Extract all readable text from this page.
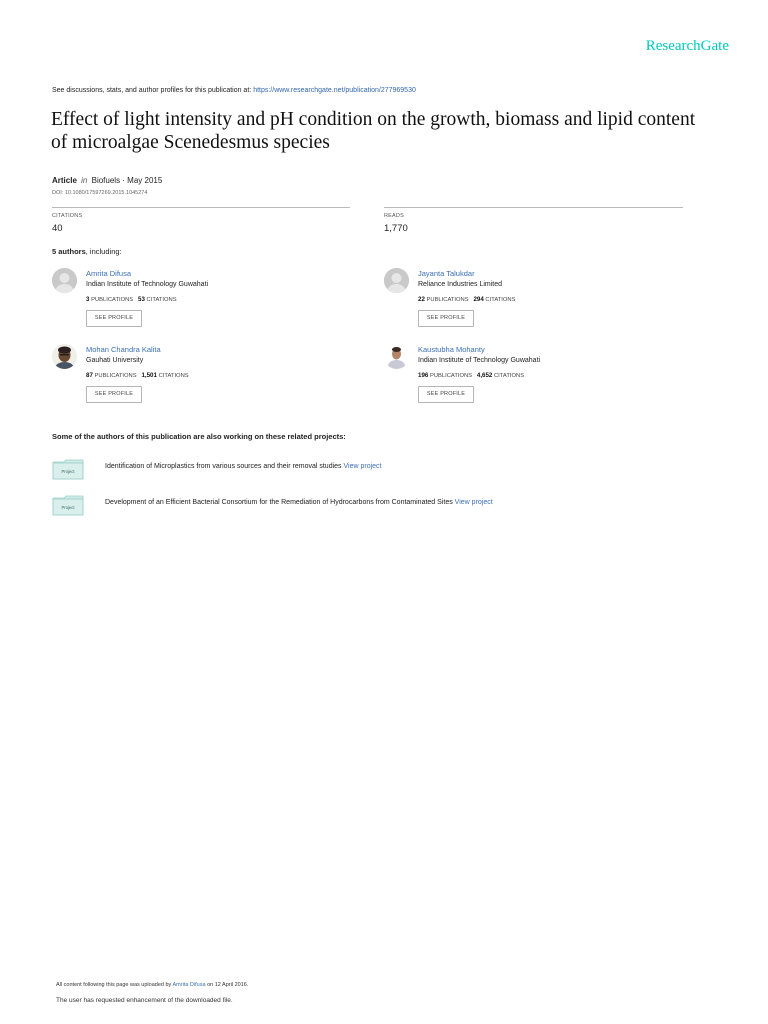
ResearchGate
See discussions, stats, and author profiles for this publication at: https://www.researchgate.net/publication/277969530
Effect of light intensity and pH condition on the growth, biomass and lipid content of microalgae Scenedesmus species
Article in Biofuels · May 2015
DOI: 10.1080/17597269.2015.1045274
CITATIONS
40
READS
1,770
5 authors, including:
Amrita Difusa
Indian Institute of Technology Guwahati
3 PUBLICATIONS 53 CITATIONS
SEE PROFILE
Jayanta Talukdar
Reliance Industries Limited
22 PUBLICATIONS 294 CITATIONS
SEE PROFILE
Mohan Chandra Kalita
Gauhati University
87 PUBLICATIONS 1,501 CITATIONS
SEE PROFILE
Kaustubha Mohanty
Indian Institute of Technology Guwahati
196 PUBLICATIONS 4,652 CITATIONS
SEE PROFILE
Some of the authors of this publication are also working on these related projects:
Project
Identification of Microplastics from various sources and their removal studies View project
Project
Development of an Efficient Bacterial Consortium for the Remediation of Hydrocarbons from Contaminated Sites View project
All content following this page was uploaded by Amrita Difusa on 12 April 2016.
The user has requested enhancement of the downloaded file.
